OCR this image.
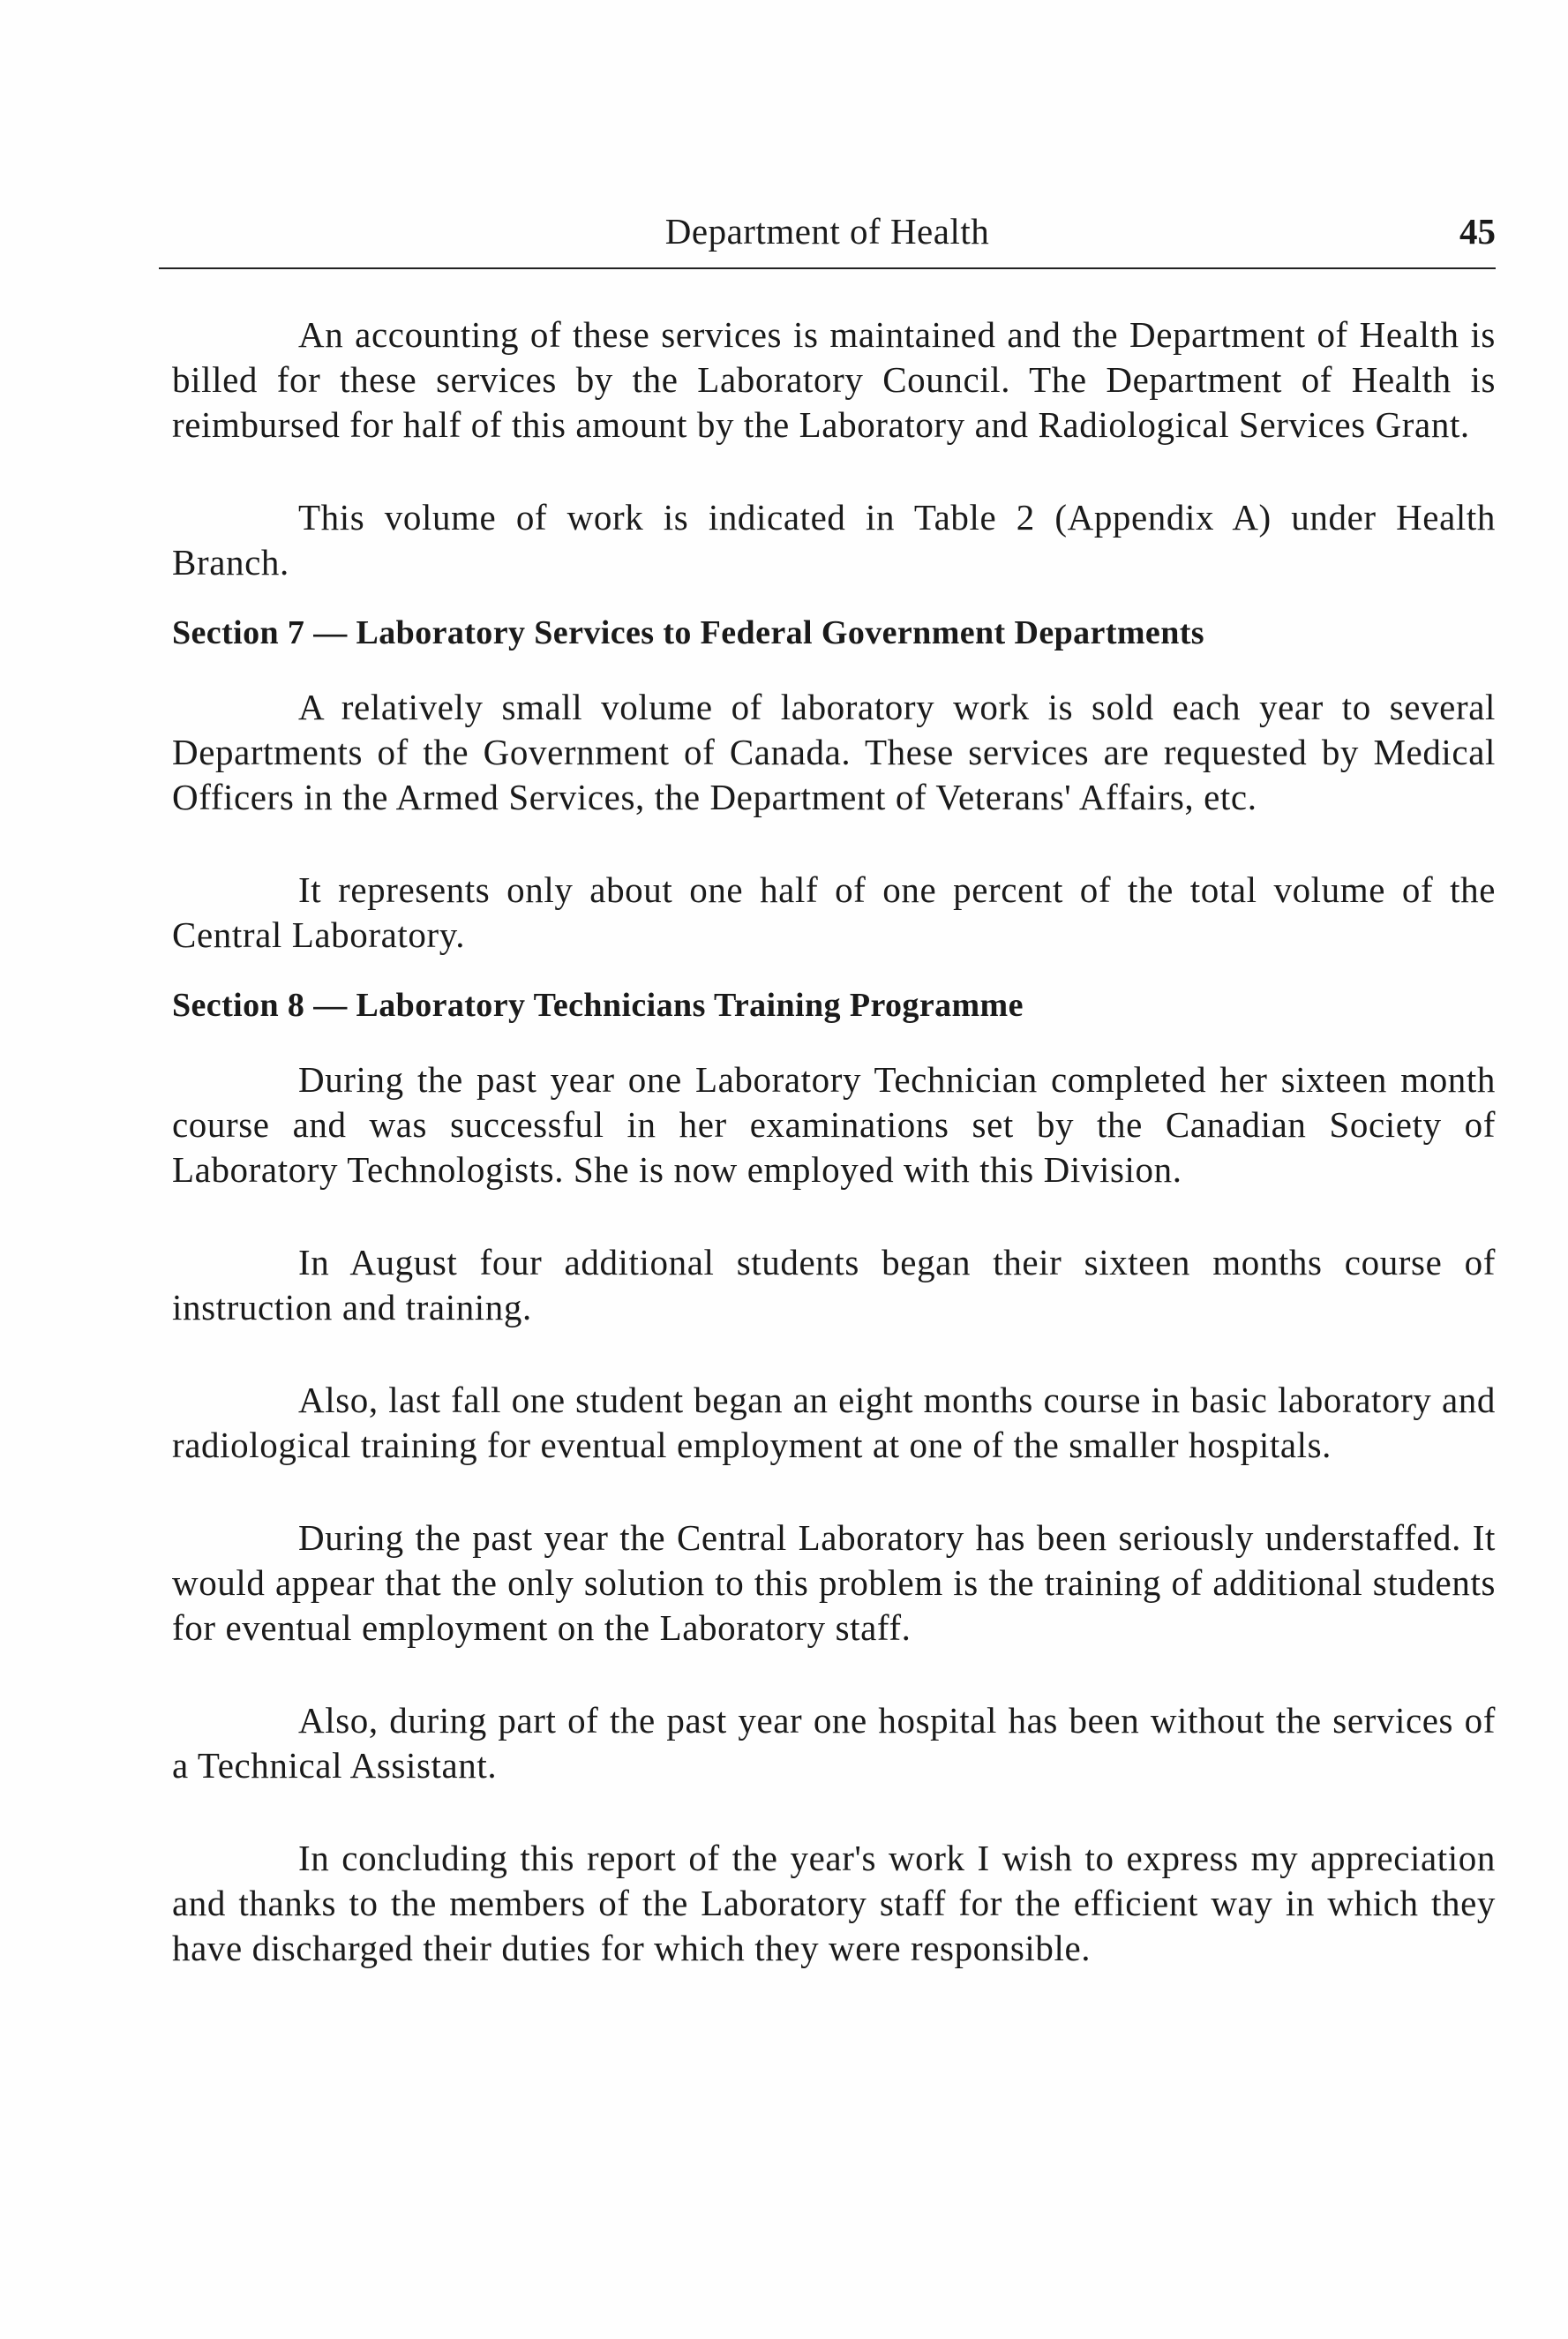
Department of Health	45

An accounting of these services is maintained and the Department of Health is billed for these services by the Laboratory Council. The Department of Health is reimbursed for half of this amount by the Laboratory and Radiological Services Grant.

This volume of work is indicated in Table 2 (Appendix A) under Health Branch.

Section 7 — Laboratory Services to Federal Government Departments

A relatively small volume of laboratory work is sold each year to several Departments of the Government of Canada. These services are requested by Medical Officers in the Armed Services, the Department of Veterans' Affairs, etc.

It represents only about one half of one percent of the total volume of the Central Laboratory.

Section 8 — Laboratory Technicians Training Programme

During the past year one Laboratory Technician completed her sixteen month course and was successful in her examinations set by the Canadian Society of Laboratory Technologists. She is now employed with this Division.

In August four additional students began their sixteen months course of instruction and training.

Also, last fall one student began an eight months course in basic laboratory and radiological training for eventual employment at one of the smaller hospitals.

During the past year the Central Laboratory has been seriously understaffed. It would appear that the only solution to this problem is the training of additional students for eventual employment on the Laboratory staff.

Also, during part of the past year one hospital has been without the services of a Technical Assistant.

In concluding this report of the year's work I wish to express my appreciation and thanks to the members of the Laboratory staff for the efficient way in which they have discharged their duties for which they were responsible.
